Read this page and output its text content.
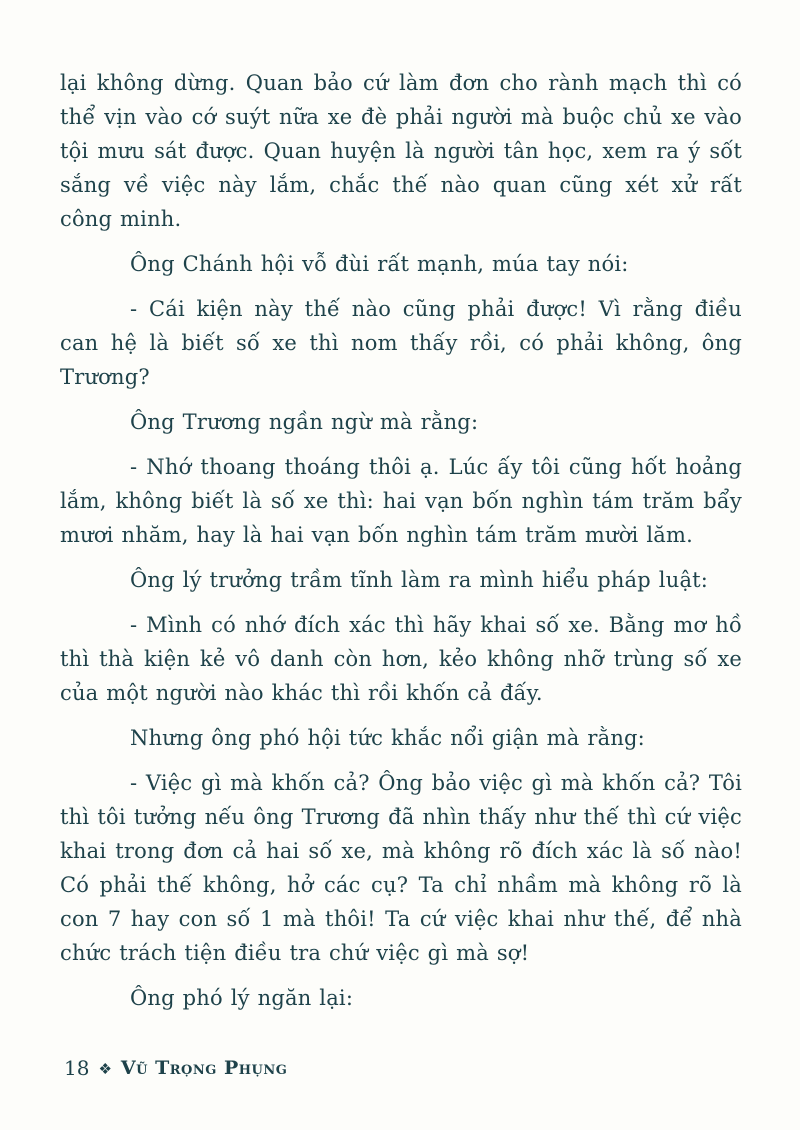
lại không dừng. Quan bảo cứ làm đơn cho rành mạch thì có thể vịn vào cớ suýt nữa xe đè phải người mà buộc chủ xe vào tội mưu sát được. Quan huyện là người tân học, xem ra ý sốt sắng về việc này lắm, chắc thế nào quan cũng xét xử rất công minh.

Ông Chánh hội vỗ đùi rất mạnh, múa tay nói:

- Cái kiện này thế nào cũng phải được! Vì rằng điều can hệ là biết số xe thì nom thấy rồi, có phải không, ông Trương?

Ông Trương ngần ngừ mà rằng:

- Nhớ thoang thoáng thôi ạ. Lúc ấy tôi cũng hốt hoảng lắm, không biết là số xe thì: hai vạn bốn nghìn tám trăm bẩy mươi nhăm, hay là hai vạn bốn nghìn tám trăm mười lăm.

Ông lý trưởng trầm tĩnh làm ra mình hiểu pháp luật:

- Mình có nhớ đích xác thì hãy khai số xe. Bằng mơ hồ thì thà kiện kẻ vô danh còn hơn, kẻo không nhỡ trùng số xe của một người nào khác thì rồi khốn cả đấy.

Nhưng ông phó hội tức khắc nổi giận mà rằng:

- Việc gì mà khốn cả? Ông bảo việc gì mà khốn cả? Tôi thì tôi tưởng nếu ông Trương đã nhìn thấy như thế thì cứ việc khai trong đơn cả hai số xe, mà không rõ đích xác là số nào! Có phải thế không, hở các cụ? Ta chỉ nhầm mà không rõ là con 7 hay con số 1 mà thôi! Ta cứ việc khai như thế, để nhà chức trách tiện điều tra chứ việc gì mà sợ!

Ông phó lý ngăn lại:

18 ❖ Vũ Trọng Phụng
